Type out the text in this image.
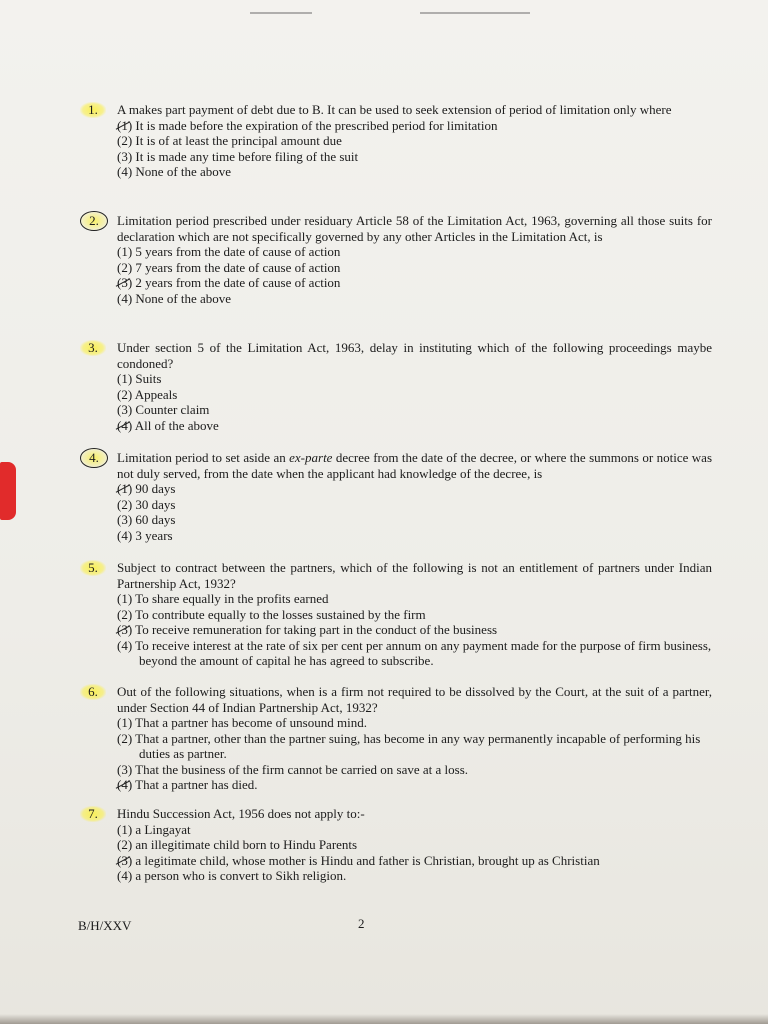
1.	A makes part payment of debt due to B. It can be used to seek extension of period of limitation only where
(1) It is made before the expiration of the prescribed period for limitation
(2) It is of at least the principal amount due
(3) It is made any time before filing of the suit
(4) None of the above
2.	Limitation period prescribed under residuary Article 58 of the Limitation Act, 1963, governing all those suits for declaration which are not specifically governed by any other Articles in the Limitation Act, is
(1) 5 years from the date of cause of action
(2) 7 years from the date of cause of action
(3) 2 years from the date of cause of action
(4) None of the above
3.	Under section 5 of the Limitation Act, 1963, delay in instituting which of the following proceedings maybe condoned?
(1) Suits
(2) Appeals
(3) Counter claim
(4) All of the above
4.	Limitation period to set aside an ex-parte decree from the date of the decree, or where the summons or notice was not duly served, from the date when the applicant had knowledge of the decree, is
(1) 90 days
(2) 30 days
(3) 60 days
(4) 3 years
5.	Subject to contract between the partners, which of the following is not an entitlement of partners under Indian Partnership Act, 1932?
(1) To share equally in the profits earned
(2) To contribute equally to the losses sustained by the firm
(3) To receive remuneration for taking part in the conduct of the business
(4) To receive interest at the rate of six per cent per annum on any payment made for the purpose of firm business, beyond the amount of capital he has agreed to subscribe.
6.	Out of the following situations, when is a firm not required to be dissolved by the Court, at the suit of a partner, under Section 44 of Indian Partnership Act, 1932?
(1) That a partner has become of unsound mind.
(2) That a partner, other than the partner suing, has become in any way permanently incapable of performing his duties as partner.
(3) That the business of the firm cannot be carried on save at a loss.
(4) That a partner has died.
7.	Hindu Succession Act, 1956 does not apply to:-
(1) a Lingayat
(2) an illegitimate child born to Hindu Parents
(3) a legitimate child, whose mother is Hindu and father is Christian, brought up as Christian
(4) a person who is convert to Sikh religion.
B/H/XXV	2
